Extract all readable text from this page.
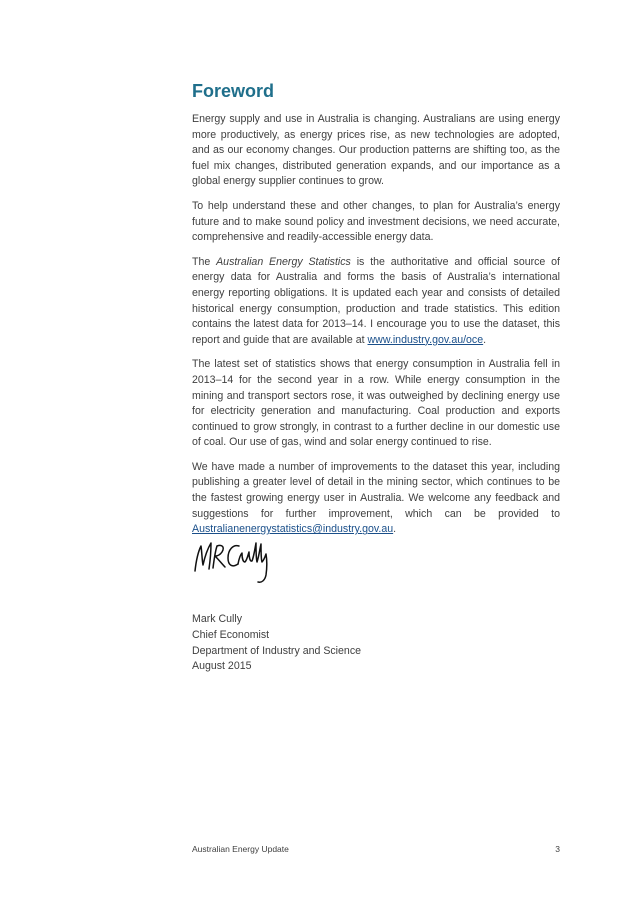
Foreword

Energy supply and use in Australia is changing. Australians are using energy more productively, as energy prices rise, as new technologies are adopted, and as our economy changes. Our production patterns are shifting too, as the fuel mix changes, distributed generation expands, and our importance as a global energy supplier continues to grow.

To help understand these and other changes, to plan for Australia’s energy future and to make sound policy and investment decisions, we need accurate, comprehensive and readily-accessible energy data.

The Australian Energy Statistics is the authoritative and official source of energy data for Australia and forms the basis of Australia’s international energy reporting obligations. It is updated each year and consists of detailed historical energy consumption, production and trade statistics. This edition contains the latest data for 2013–14. I encourage you to use the dataset, this report and guide that are available at www.industry.gov.au/oce.

The latest set of statistics shows that energy consumption in Australia fell in 2013–14 for the second year in a row. While energy consumption in the mining and transport sectors rose, it was outweighed by declining energy use for electricity generation and manufacturing. Coal production and exports continued to grow strongly, in contrast to a further decline in our domestic use of coal. Our use of gas, wind and solar energy continued to rise.

We have made a number of improvements to the dataset this year, including publishing a greater level of detail in the mining sector, which continues to be the fastest growing energy user in Australia. We welcome any feedback and suggestions for further improvement, which can be provided to Australianenergystatistics@industry.gov.au.

Mark Cully
Chief Economist
Department of Industry and Science
August 2015
Australian Energy Update	3
